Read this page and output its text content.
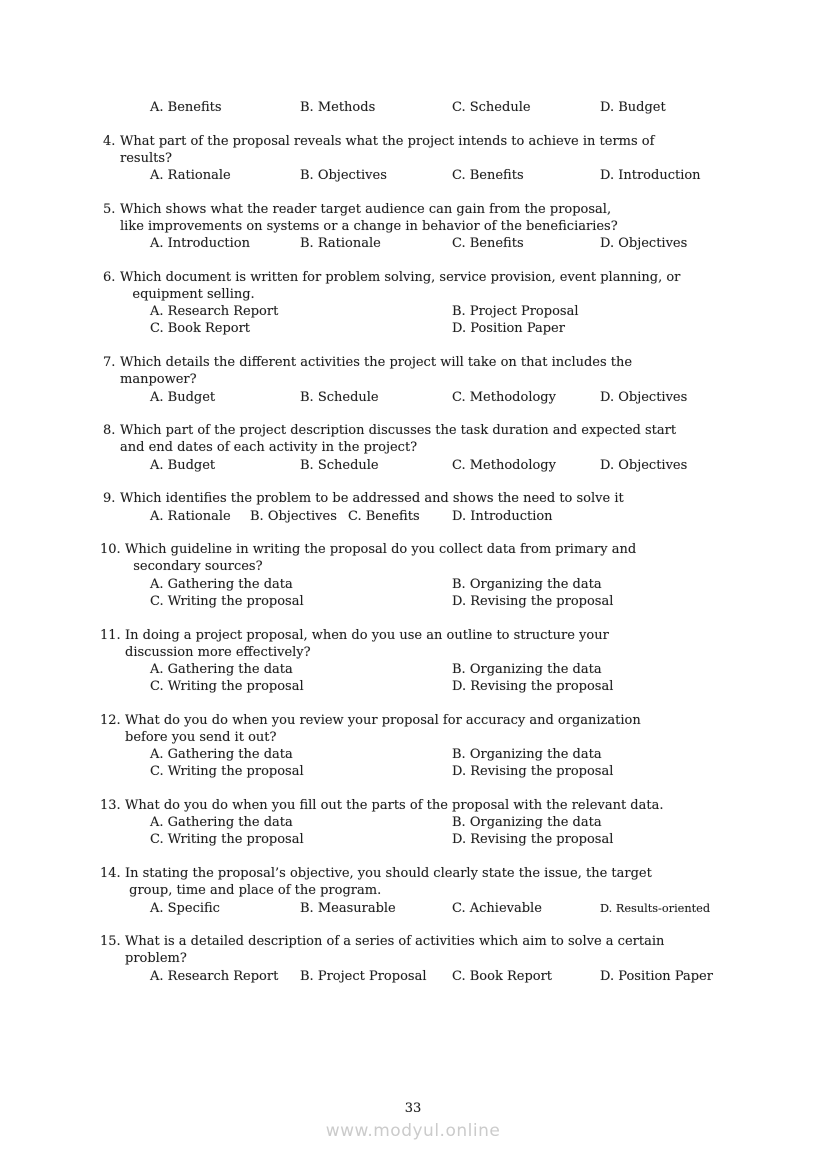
A. Benefits	B. Methods	C. Schedule	D. Budget
4. What part of the proposal reveals what the project intends to achieve in terms of
results?
A. Rationale	B. Objectives	C. Benefits	D. Introduction
5. Which shows what the reader target audience can gain from the proposal,
like improvements on systems or a change in behavior of the beneficiaries?
A. Introduction	B. Rationale	C. Benefits	D. Objectives
6. Which document is written for problem solving, service provision, event planning, or
equipment selling.
A. Research Report	B. Project Proposal
C. Book Report	D. Position Paper
7. Which details the different activities the project will take on that includes the
manpower?
A. Budget	B. Schedule	C. Methodology	D. Objectives
8. Which part of the project description discusses the task duration and expected start
and end dates of each activity in the project?
A. Budget	B. Schedule	C. Methodology	D. Objectives
9. Which identifies the problem to be addressed and shows the need to solve it
A. Rationale B. Objectives C. Benefits D. Introduction
10. Which guideline in writing the proposal do you collect data from primary and
secondary sources?
A. Gathering the data	B. Organizing the data
C. Writing the proposal	D. Revising the proposal
11. In doing a project proposal, when do you use an outline to structure your
discussion more effectively?
A. Gathering the data	B. Organizing the data
C. Writing the proposal	D. Revising the proposal
12. What do you do when you review your proposal for accuracy and organization
before you send it out?
A. Gathering the data	B. Organizing the data
C. Writing the proposal	D. Revising the proposal
13. What do you do when you fill out the parts of the proposal with the relevant data.
A. Gathering the data	B. Organizing the data
C. Writing the proposal	D. Revising the proposal
14. In stating the proposal’s objective, you should clearly state the issue, the target
group, time and place of the program.
A. Specific	B. Measurable	C. Achievable	D. Results-oriented
15. What is a detailed description of a series of activities which aim to solve a certain
problem?
A. Research Report B. Project Proposal C. Book Report	D. Position Paper
33
www.modyul.online
